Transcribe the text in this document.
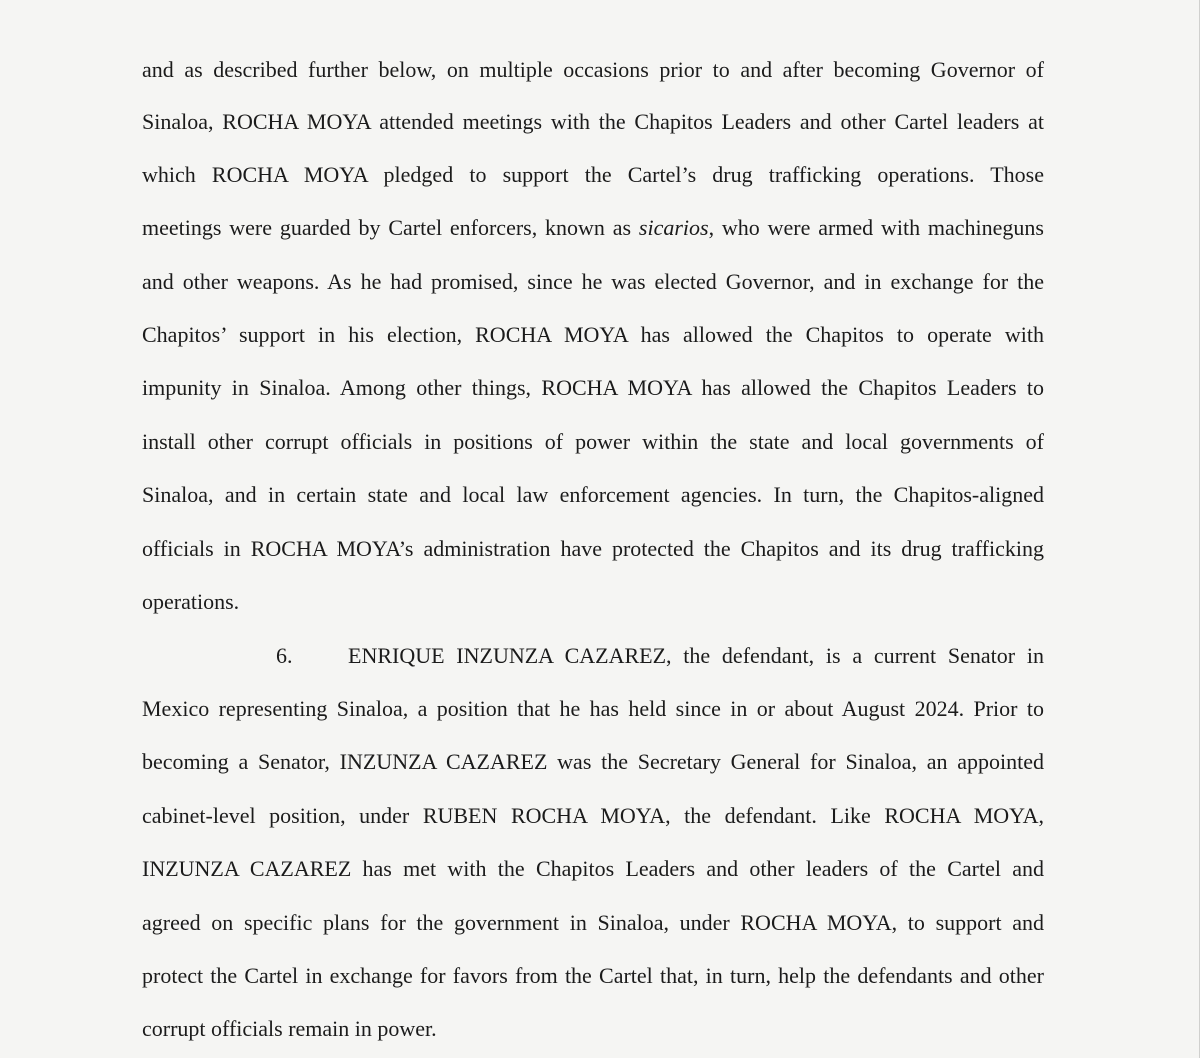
and as described further below, on multiple occasions prior to and after becoming Governor of
Sinaloa, ROCHA MOYA attended meetings with the Chapitos Leaders and other Cartel leaders at
which ROCHA MOYA pledged to support the Cartel’s drug trafficking operations. Those
meetings were guarded by Cartel enforcers, known as sicarios, who were armed with machineguns
and other weapons. As he had promised, since he was elected Governor, and in exchange for the
Chapitos’ support in his election, ROCHA MOYA has allowed the Chapitos to operate with
impunity in Sinaloa. Among other things, ROCHA MOYA has allowed the Chapitos Leaders to
install other corrupt officials in positions of power within the state and local governments of
Sinaloa, and in certain state and local law enforcement agencies. In turn, the Chapitos-aligned
officials in ROCHA MOYA’s administration have protected the Chapitos and its drug trafficking
operations.
6.	ENRIQUE INZUNZA CAZAREZ, the defendant, is a current Senator in
Mexico representing Sinaloa, a position that he has held since in or about August 2024. Prior to
becoming a Senator, INZUNZA CAZAREZ was the Secretary General for Sinaloa, an appointed
cabinet-level position, under RUBEN ROCHA MOYA, the defendant. Like ROCHA MOYA,
INZUNZA CAZAREZ has met with the Chapitos Leaders and other leaders of the Cartel and
agreed on specific plans for the government in Sinaloa, under ROCHA MOYA, to support and
protect the Cartel in exchange for favors from the Cartel that, in turn, help the defendants and other
corrupt officials remain in power.
